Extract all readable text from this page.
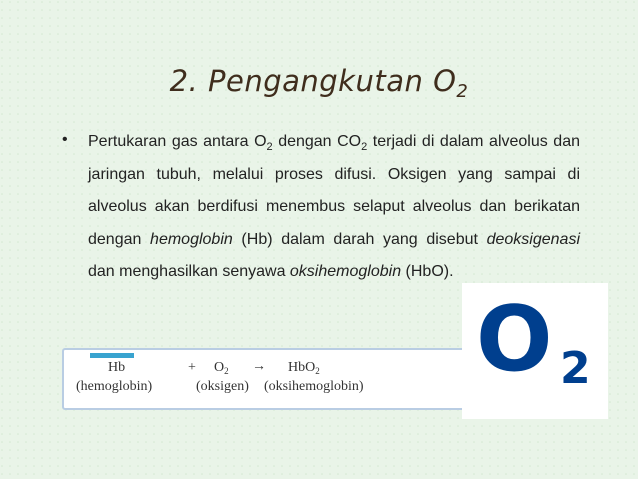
2. Pengangkutan $O_2$
• Pertukaran gas antara $O_2$ dengan $CO_2$ terjadi di dalam alveolus dan jaringan tubuh, melalui proses difusi. Oksigen yang sampai di alveolus akan berdifusi menembus selaput alveolus dan berikatan dengan hemoglobin (Hb) dalam darah yang disebut deoksigenasi dan menghasilkan senyawa oksihemoglobin (HbO).
Hb	+ $O_2 \to HbO_2$
(hemoglobin)	(oksigen) (oksihemoglobin) O 2
